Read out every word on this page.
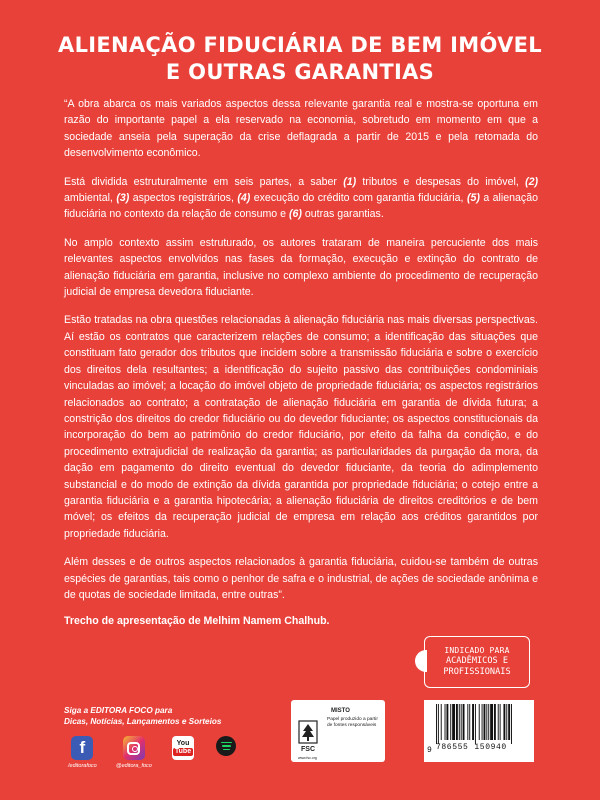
ALIENAÇÃO FIDUCIÁRIA DE BEM IMÓVEL
E OUTRAS GARANTIAS

“A obra abarca os mais variados aspectos dessa relevante garantia real e mostra-se oportuna em razão do importante papel a ela reservado na economia, sobretudo em momento em que a sociedade anseia pela superação da crise deflagrada a partir de 2015 e pela retomada do desenvolvimento econômico.

Está dividida estruturalmente em seis partes, a saber (1) tributos e despesas do imóvel, (2) ambiental, (3) aspectos registrários, (4) execução do crédito com garantia fiduciária, (5) a alienação fiduciária no contexto da relação de consumo e (6) outras garantias.

No amplo contexto assim estruturado, os autores trataram de maneira percuciente dos mais relevantes aspectos envolvidos nas fases da formação, execução e extinção do contrato de alienação fiduciária em garantia, inclusive no complexo ambiente do procedimento de recuperação judicial de empresa devedora fiduciante.

Estão tratadas na obra questões relacionadas à alienação fiduciária nas mais diversas perspectivas. Aí estão os contratos que caracterizem relações de consumo; a identificação das situações que constituam fato gerador dos tributos que incidem sobre a transmissão fiduciária e sobre o exercício dos direitos dela resultantes; a identificação do sujeito passivo das contribuições condominiais vinculadas ao imóvel; a locação do imóvel objeto de propriedade fiduciária; os aspectos registrários relacionados ao contrato; a contratação de alienação fiduciária em garantia de dívida futura; a constrição dos direitos do credor fiduciário ou do devedor fiduciante; os aspectos constitucionais da incorporação do bem ao patrimônio do credor fiduciário, por efeito da falha da condição, e do procedimento extrajudicial de realização da garantia; as particularidades da purgação da mora, da dação em pagamento do direito eventual do devedor fiduciante, da teoria do adimplemento substancial e do modo de extinção da dívida garantida por propriedade fiduciária; o cotejo entre a garantia fiduciária e a garantia hipotecária; a alienação fiduciária de direitos creditórios e de bem móvel; os efeitos da recuperação judicial de empresa em relação aos créditos garantidos por propriedade fiduciária.

Além desses e de outros aspectos relacionados à garantia fiduciária, cuidou-se também de outras espécies de garantias, tais como o penhor de safra e o industrial, de ações de sociedade anônima e de quotas de sociedade limitada, entre outras”.

Trecho de apresentação de Melhim Namem Chalhub.

INDICADO PARA
ACADÊMICOS E
PROFISSIONAIS
Siga a EDITORA FOCO para
Dicas, Notícias, Lançamentos e Sorteios
f
/editorafoco	@editora_foco
You
Tube	FSC
MISTO
Papel produzido a partir de fontes responsáveis
www.fsc.org
9 786555 150940
